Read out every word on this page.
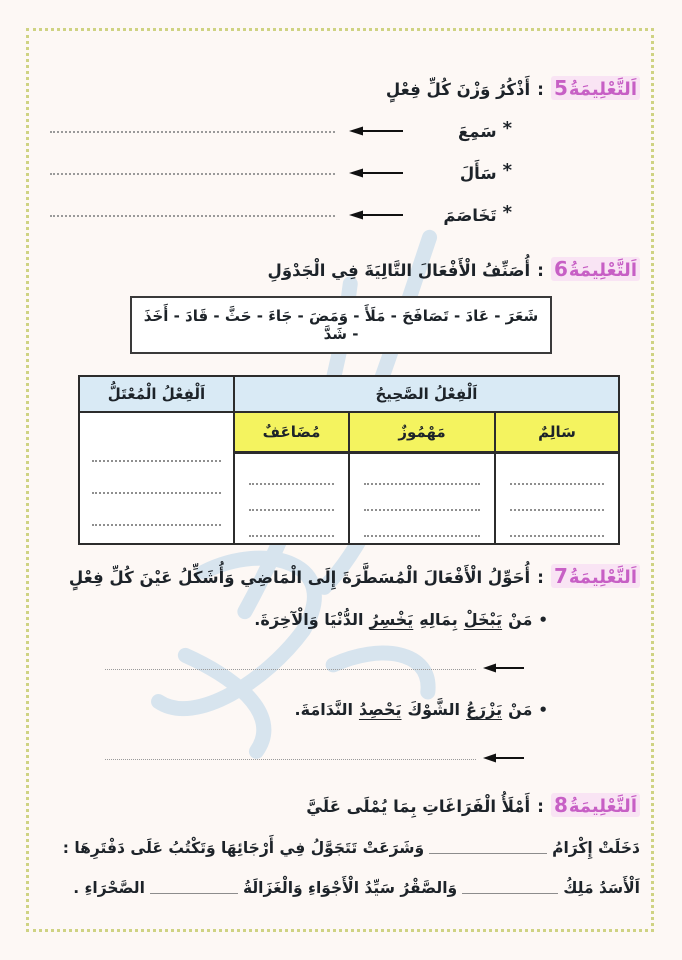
اَلتَّعْلِيمَةُ
5
:
أَذْكُرُ وَزْنَ كُلِّ فِعْلٍ
*
سَمِعَ
*
سَأَلَ
*
تَخَاصَمَ
اَلتَّعْلِيمَةُ
6
:
أُصَنِّفُ الْأَفْعَالَ التَّالِيَةَ فِي الْجَدْوَلِ
شَعَرَ - عَادَ - تَصَافَحَ - مَلَأَ - وَمَضَ - جَاءَ - حَثَّ - قَادَ - أَخَذَ - شَدَّ
اَلْفِعْلُ الصَّحِيحُ			اَلْفِعْلُ الْمُعْتَلُّ
سَالِمٌ	مَهْمُوزٌ	مُضَاعَفٌ	

اَلتَّعْلِيمَةُ
7
:
أُحَوِّلُ الْأَفْعَالَ الْمُسَطَّرَةَ إِلَى الْمَاضِي وَأُشَكِّلُ عَيْنَ كُلِّ فِعْلٍ
•
مَنْ
يَبْخَلْ
بِمَالِهِ
يَخْسِرُ
الدُّنْيَا وَالْآخِرَةَ.
•
مَنْ
يَزْرَعُ
الشَّوْكَ
يَحْصِدُ
النَّدَامَةَ.
اَلتَّعْلِيمَةُ
8
:
أَمْلَأُ الْفَرَاغَاتِ بِمَا يُمْلَى عَلَيَّ
دَخَلَتْ إِكْرَامُ
وَشَرَعَتْ تَتَجَوَّلُ فِي أَرْجَائِهَا وَتَكْتُبُ عَلَى دَفْتَرِهَا :
اَلْأَسَدُ مَلِكُ
وَالصَّقْرُ سَيِّدُ الْأَجْوَاءِ وَالْغَزَالَةُ
الصَّحْرَاءِ .
